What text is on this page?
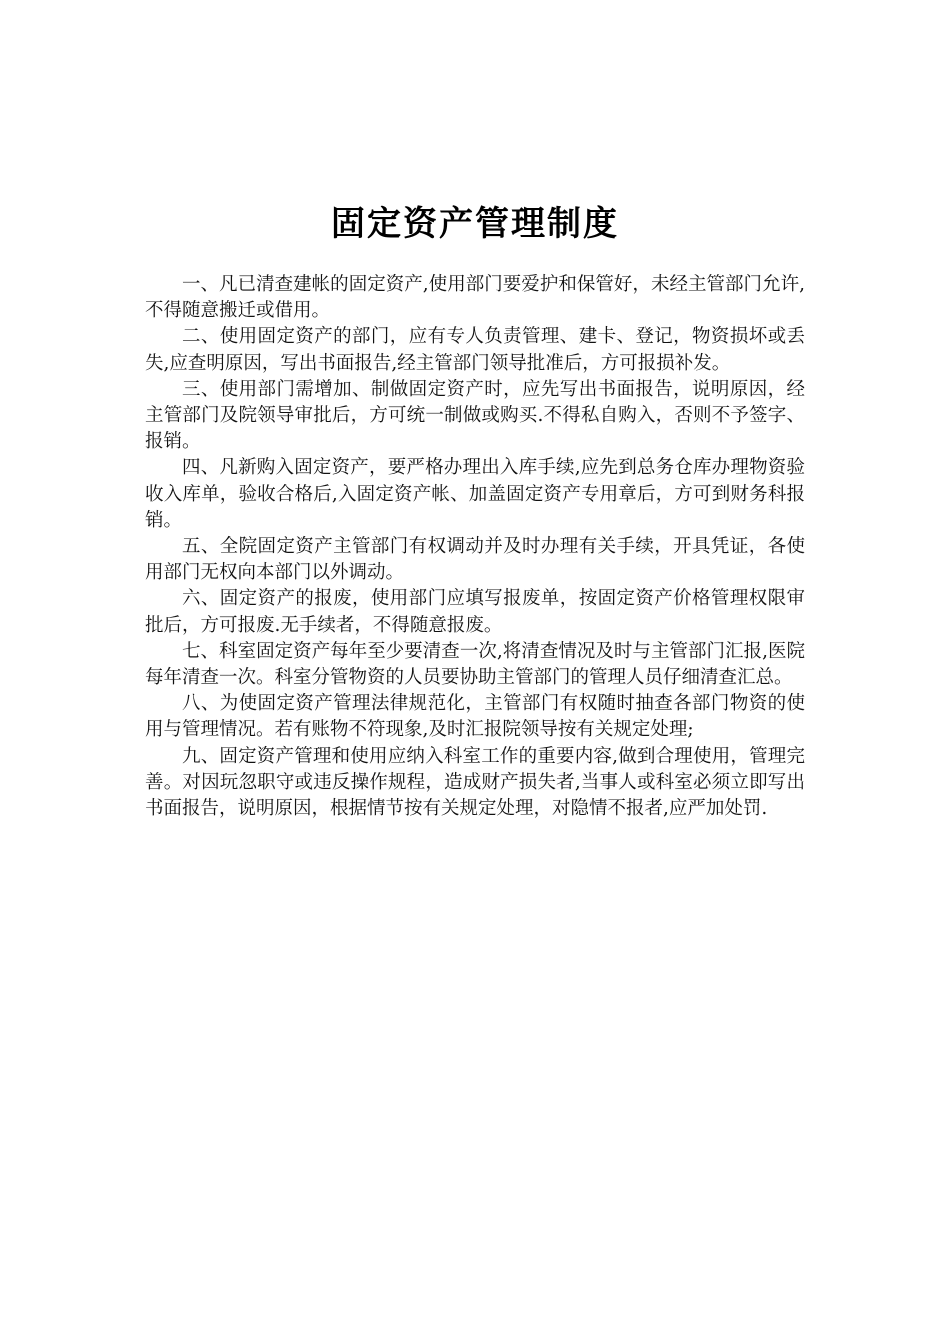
固定资产管理制度

一、凡已清查建帐的固定资产,使用部门要爱护和保管好，未经主管部门允许,不得随意搬迁或借用。

二、使用固定资产的部门，应有专人负责管理、建卡、登记，物资损坏或丢失,应查明原因，写出书面报告,经主管部门领导批准后，方可报损补发。

三、使用部门需增加、制做固定资产时，应先写出书面报告，说明原因，经主管部门及院领导审批后，方可统一制做或购买.不得私自购入，否则不予签字、报销。

四、凡新购入固定资产，要严格办理出入库手续,应先到总务仓库办理物资验收入库单，验收合格后,入固定资产帐、加盖固定资产专用章后，方可到财务科报销。

五、全院固定资产主管部门有权调动并及时办理有关手续，开具凭证，各使用部门无权向本部门以外调动。

六、固定资产的报废，使用部门应填写报废单，按固定资产价格管理权限审批后，方可报废.无手续者，不得随意报废。

七、科室固定资产每年至少要清查一次,将清查情况及时与主管部门汇报,医院每年清查一次。科室分管物资的人员要协助主管部门的管理人员仔细清查汇总。

八、为使固定资产管理法律规范化，主管部门有权随时抽查各部门物资的使用与管理情况。若有账物不符现象,及时汇报院领导按有关规定处理;

九、固定资产管理和使用应纳入科室工作的重要内容,做到合理使用，管理完善。对因玩忽职守或违反操作规程，造成财产损失者,当事人或科室必须立即写出书面报告，说明原因，根据情节按有关规定处理，对隐情不报者,应严加处罚.
